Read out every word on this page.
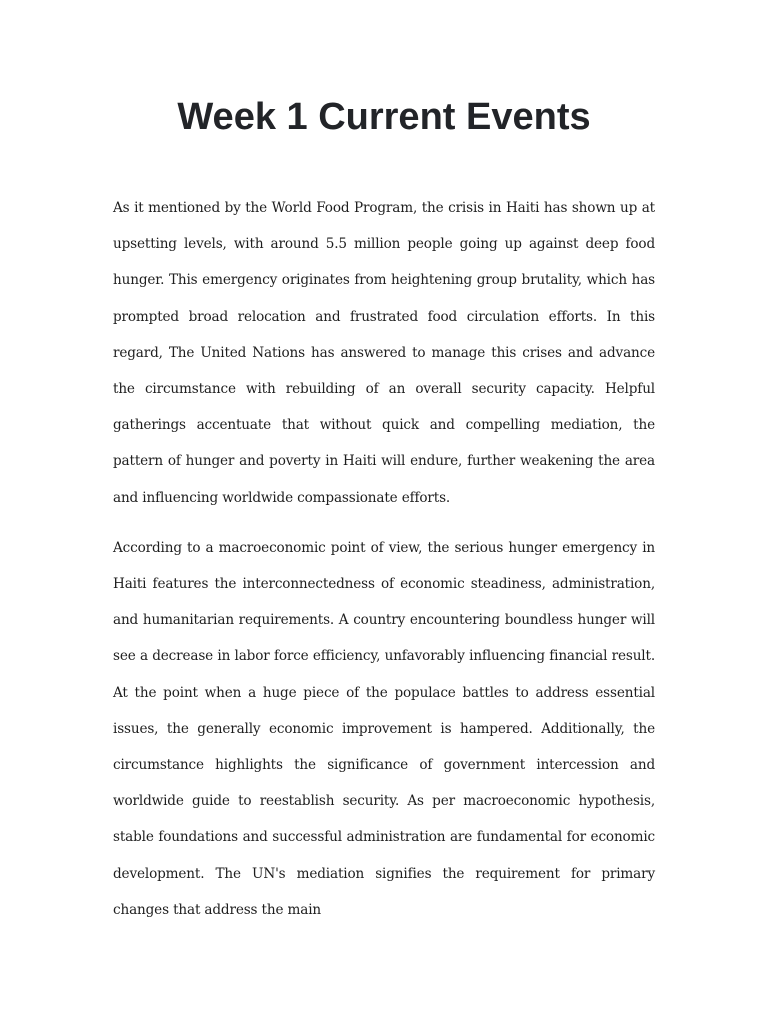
Week 1 Current Events

As it mentioned by the World Food Program, the crisis in Haiti has shown up at upsetting levels, with around 5.5 million people going up against deep food hunger. This emergency originates from heightening group brutality, which has prompted broad relocation and frustrated food circulation efforts. In this regard, The United Nations has answered to manage this crises and advance the circumstance with rebuilding of an overall security capacity. Helpful gatherings accentuate that without quick and compelling mediation, the pattern of hunger and poverty in Haiti will endure, further weakening the area and influencing worldwide compassionate efforts.

According to a macroeconomic point of view, the serious hunger emergency in Haiti features the interconnectedness of economic steadiness, administration, and humanitarian requirements. A country encountering boundless hunger will see a decrease in labor force efficiency, unfavorably influencing financial result. At the point when a huge piece of the populace battles to address essential issues, the generally economic improvement is hampered. Additionally, the circumstance highlights the significance of government intercession and worldwide guide to reestablish security. As per macroeconomic hypothesis, stable foundations and successful administration are fundamental for economic development. The UN's mediation signifies the requirement for primary changes that address the main
